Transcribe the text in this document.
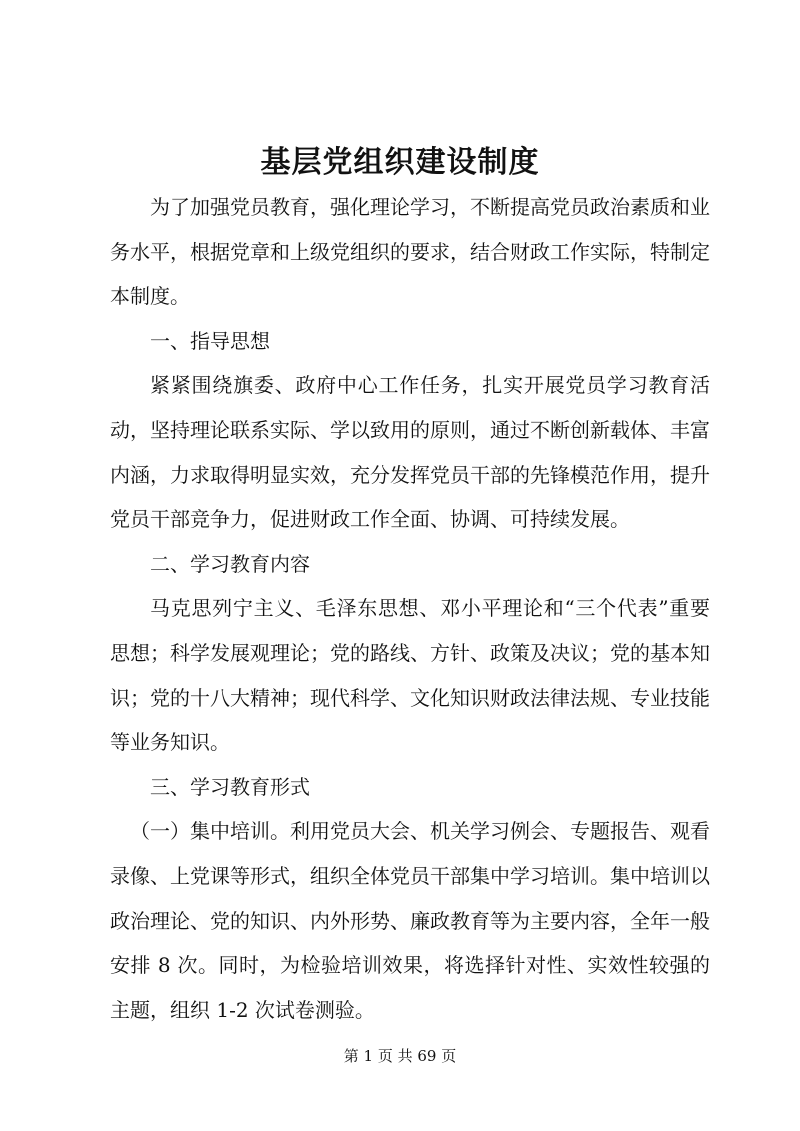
基层党组织建设制度

为了加强党员教育，强化理论学习，不断提高党员政治素质和业务水平，根据党章和上级党组织的要求，结合财政工作实际，特制定本制度。

一、指导思想

紧紧围绕旗委、政府中心工作任务，扎实开展党员学习教育活动，坚持理论联系实际、学以致用的原则，通过不断创新载体、丰富内涵，力求取得明显实效，充分发挥党员干部的先锋模范作用，提升党员干部竞争力，促进财政工作全面、协调、可持续发展。

二、学习教育内容

马克思列宁主义、毛泽东思想、邓小平理论和“三个代表”重要思想；科学发展观理论；党的路线、方针、政策及决议；党的基本知识；党的十八大精神；现代科学、文化知识财政法律法规、专业技能等业务知识。

三、学习教育形式

（一）集中培训。利用党员大会、机关学习例会、专题报告、观看录像、上党课等形式，组织全体党员干部集中学习培训。集中培训以政治理论、党的知识、内外形势、廉政教育等为主要内容，全年一般安排 8 次。同时，为检验培训效果，将选择针对性、实效性较强的主题，组织 1-2 次试卷测验。

第 1 页 共 69 页
